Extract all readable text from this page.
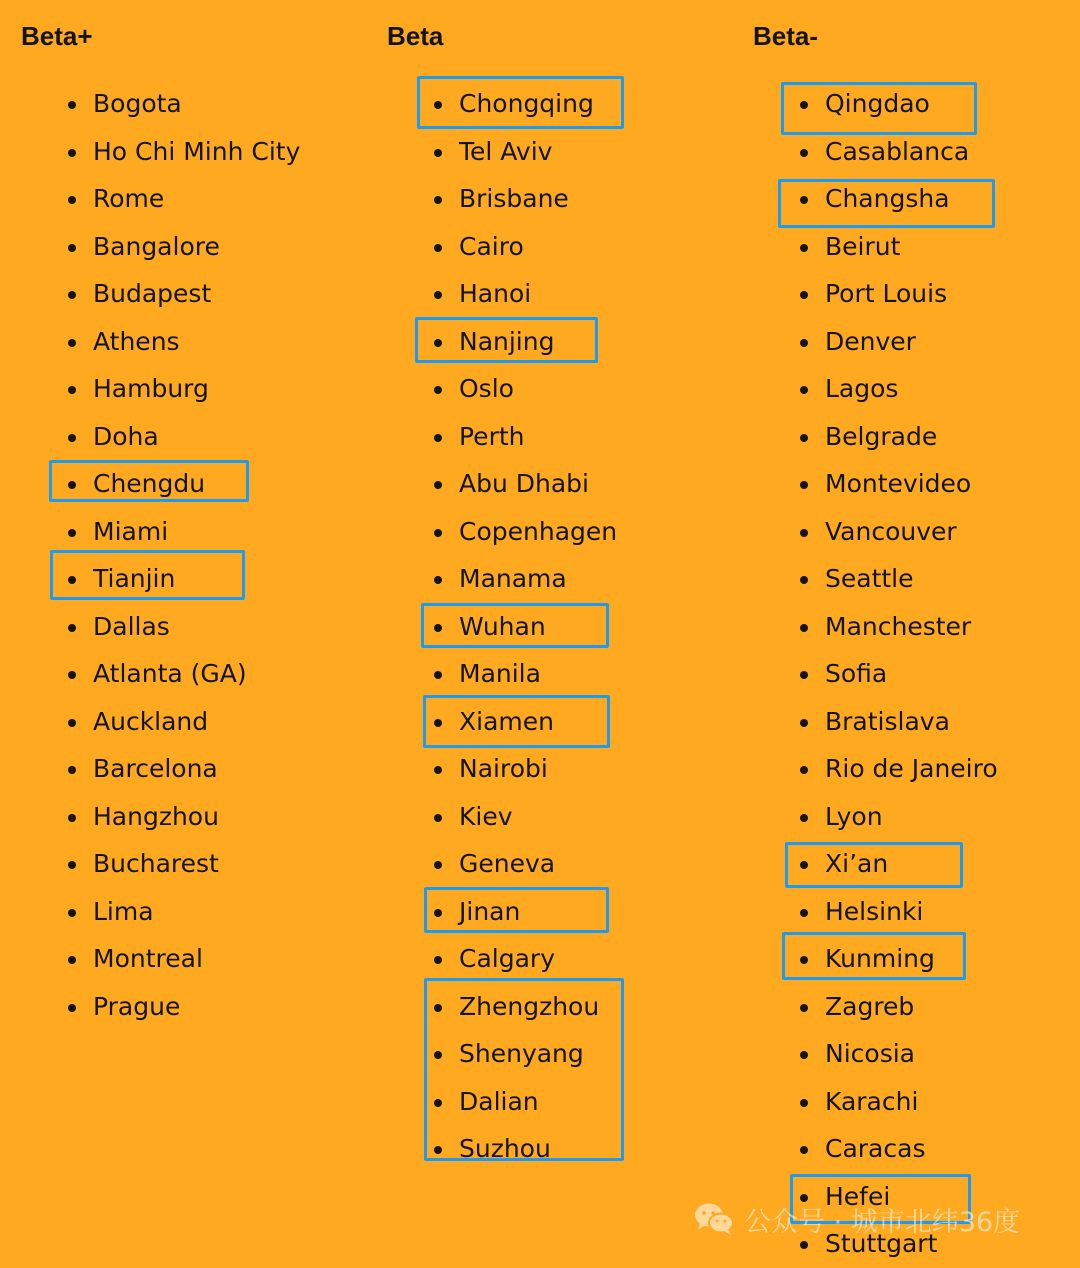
Beta+
Bogota
Ho Chi Minh City
Rome
Bangalore
Budapest
Athens
Hamburg
Doha
Chengdu
Miami
Tianjin
Dallas
Atlanta (GA)
Auckland
Barcelona
Hangzhou
Bucharest
Lima
Montreal
Prague
Beta
Chongqing
Tel Aviv
Brisbane
Cairo
Hanoi
Nanjing
Oslo
Perth
Abu Dhabi
Copenhagen
Manama
Wuhan
Manila
Xiamen
Nairobi
Kiev
Geneva
Jinan
Calgary
Zhengzhou
Shenyang
Dalian
Suzhou
Beta-
Qingdao
Casablanca
Changsha
Beirut
Port Louis
Denver
Lagos
Belgrade
Montevideo
Vancouver
Seattle
Manchester
Sofia
Bratislava
Rio de Janeiro
Lyon
Xi’an
Helsinki
Kunming
Zagreb
Nicosia
Karachi
Caracas
Hefei
Stuttgart
公众号 · 城市北纬36度
